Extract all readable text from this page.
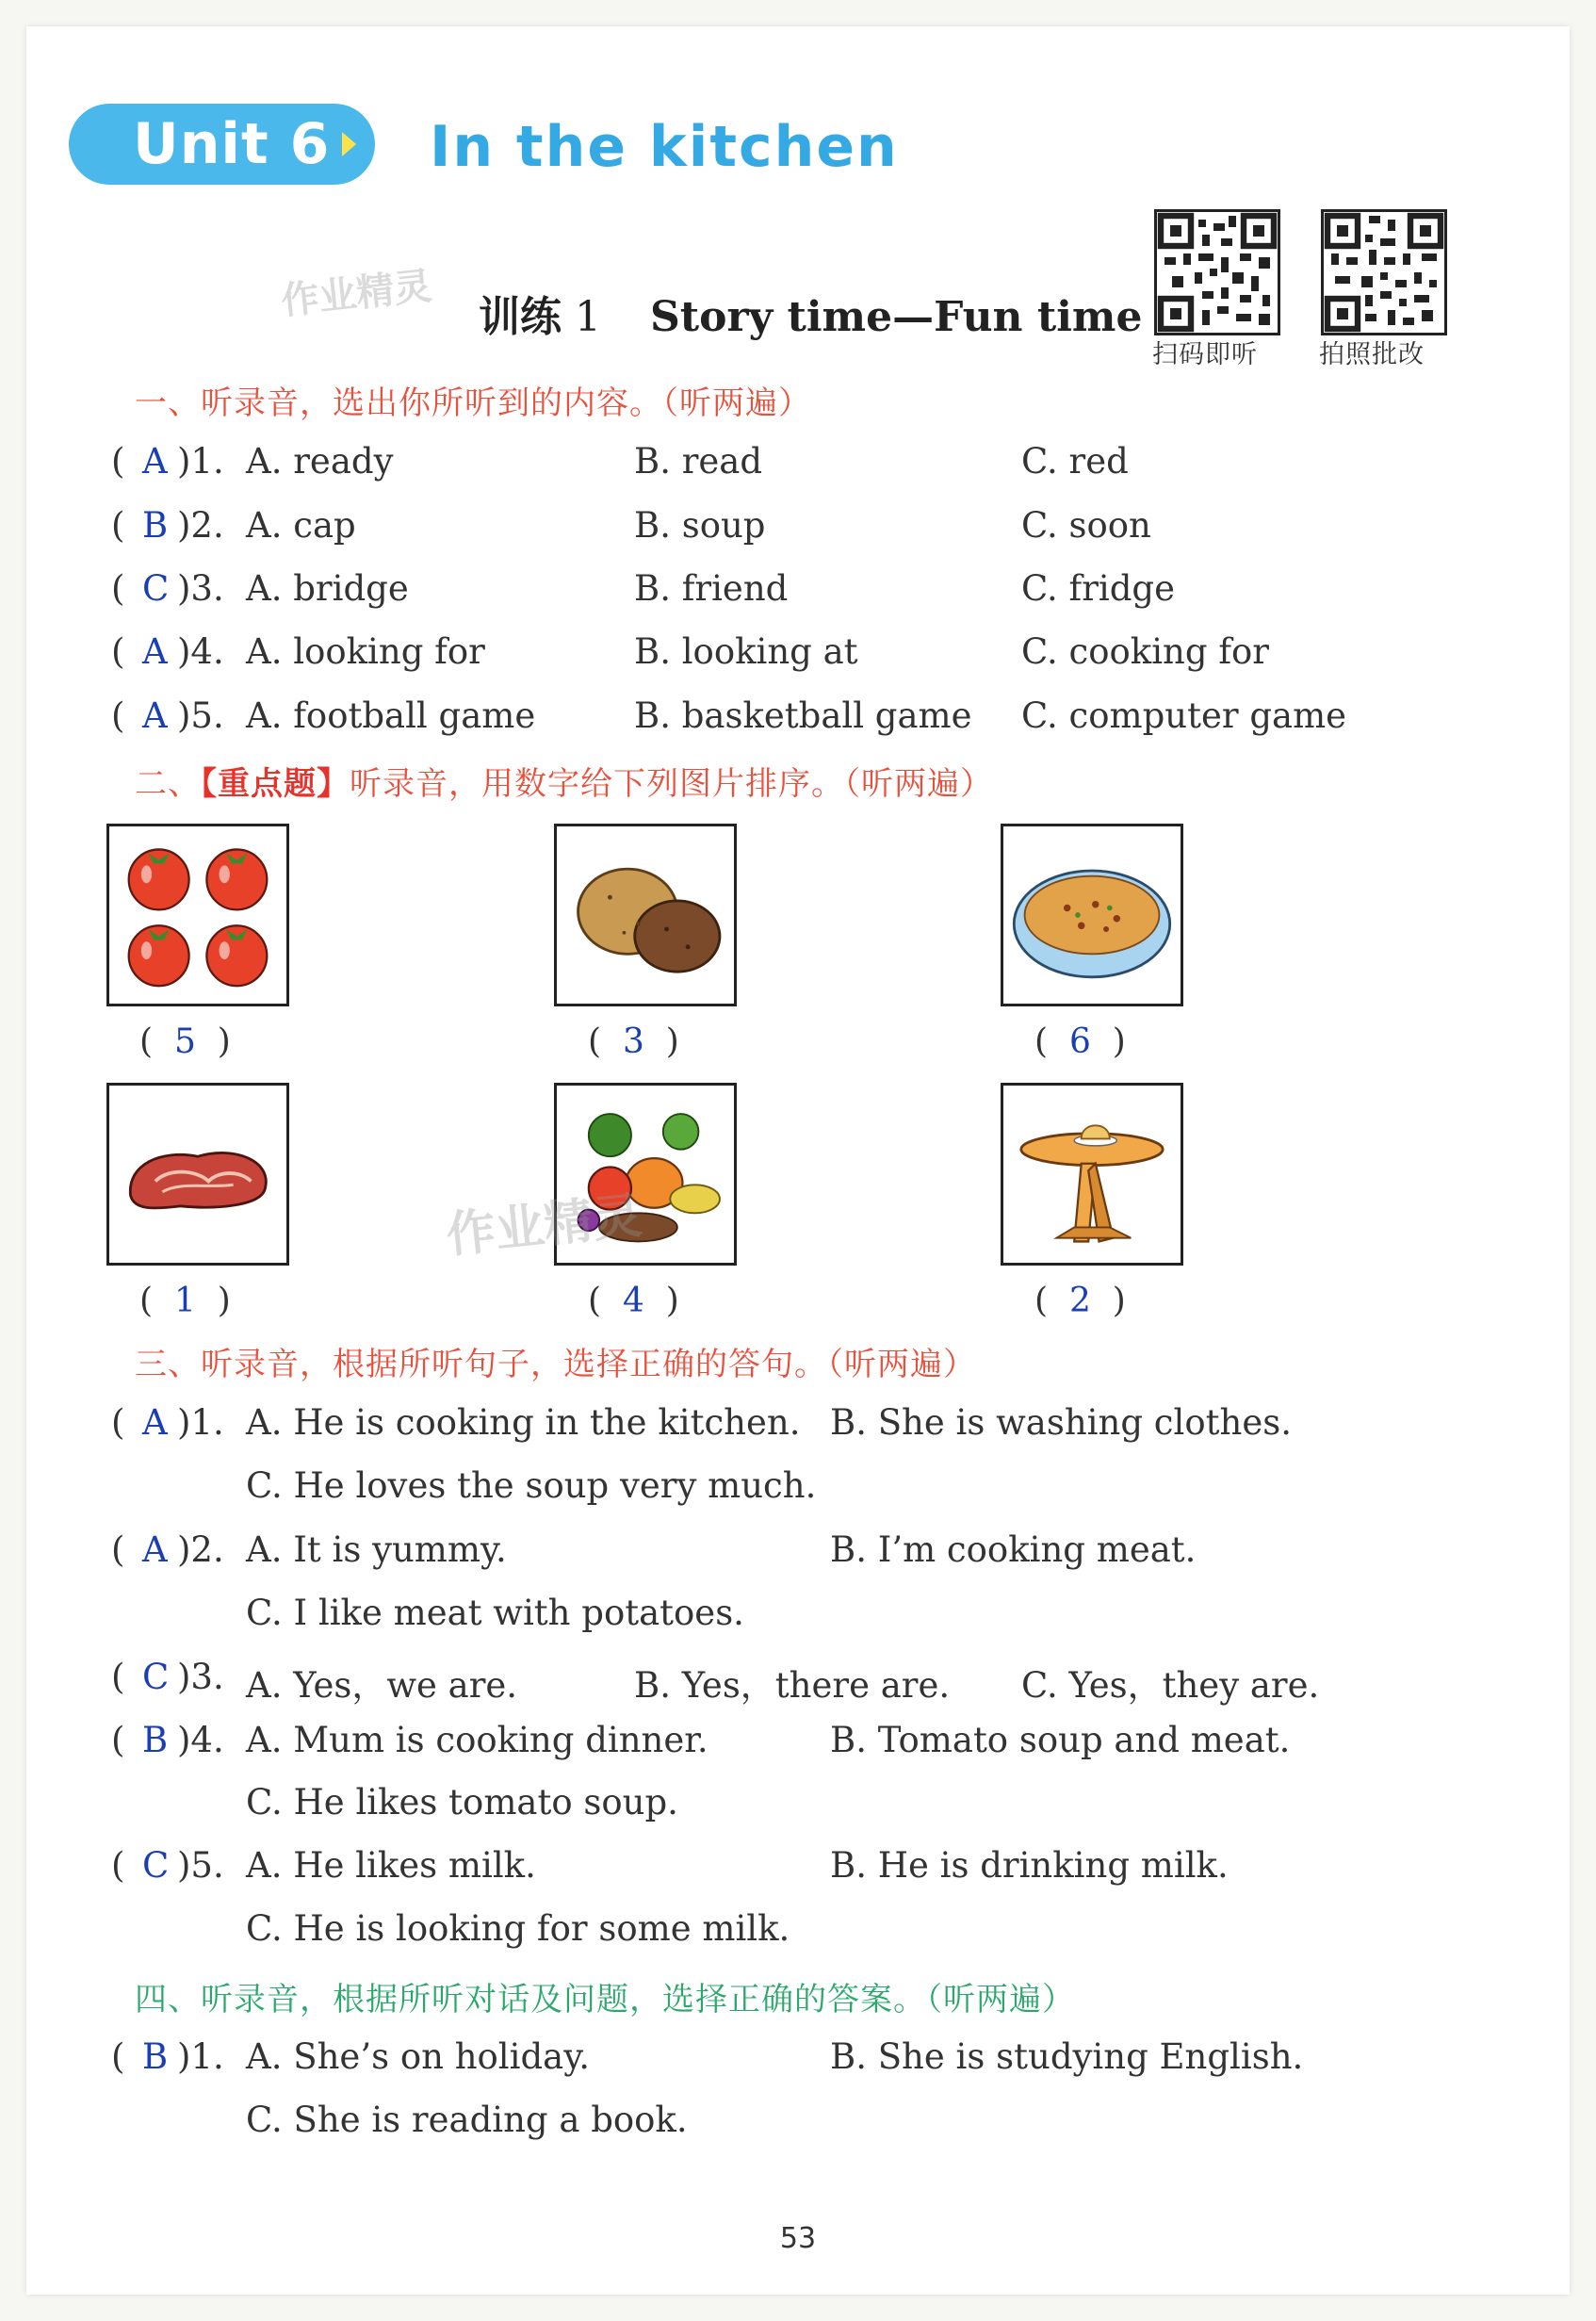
Unit 6 In the kitchen
作业精灵 训练 1 Story time—Fun time
扫码即听 拍照批改
一、听录音，选出你所听到的内容。（听两遍）
( A )1. A. ready	B. read	C. red
( B )2. A. cap	B. soup	C. soon
( C )3. A. bridge	B. friend	C. fridge
( A )4. A. looking for	B. looking at	C. cooking for
( A )5. A. football game	B. basketball game C. computer game
二、【重点题】听录音，用数字给下列图片排序。（听两遍）
(  5  )	(  3  )	(  6  )
(  1  )	(  4  )	(  2  )
作业精灵
三、听录音，根据所听句子，选择正确的答句。（听两遍）
( A )1. A. He is cooking in the kitchen. B. She is washing clothes.
C. He loves the soup very much.
( A )2. A. It is yummy.	B. I’m cooking meat.
C. I like meat with potatoes.
( C )3. A. Yes，we are.	B. Yes，there are. C. Yes，they are.
( B )4. A. Mum is cooking dinner.	B. Tomato soup and meat.
C. He likes tomato soup.
( C )5. A. He likes milk.	B. He is drinking milk.
C. He is looking for some milk.
四、听录音，根据所听对话及问题，选择正确的答案。（听两遍）
( B )1. A. She’s on holiday.	B. She is studying English.
C. She is reading a book.
53
